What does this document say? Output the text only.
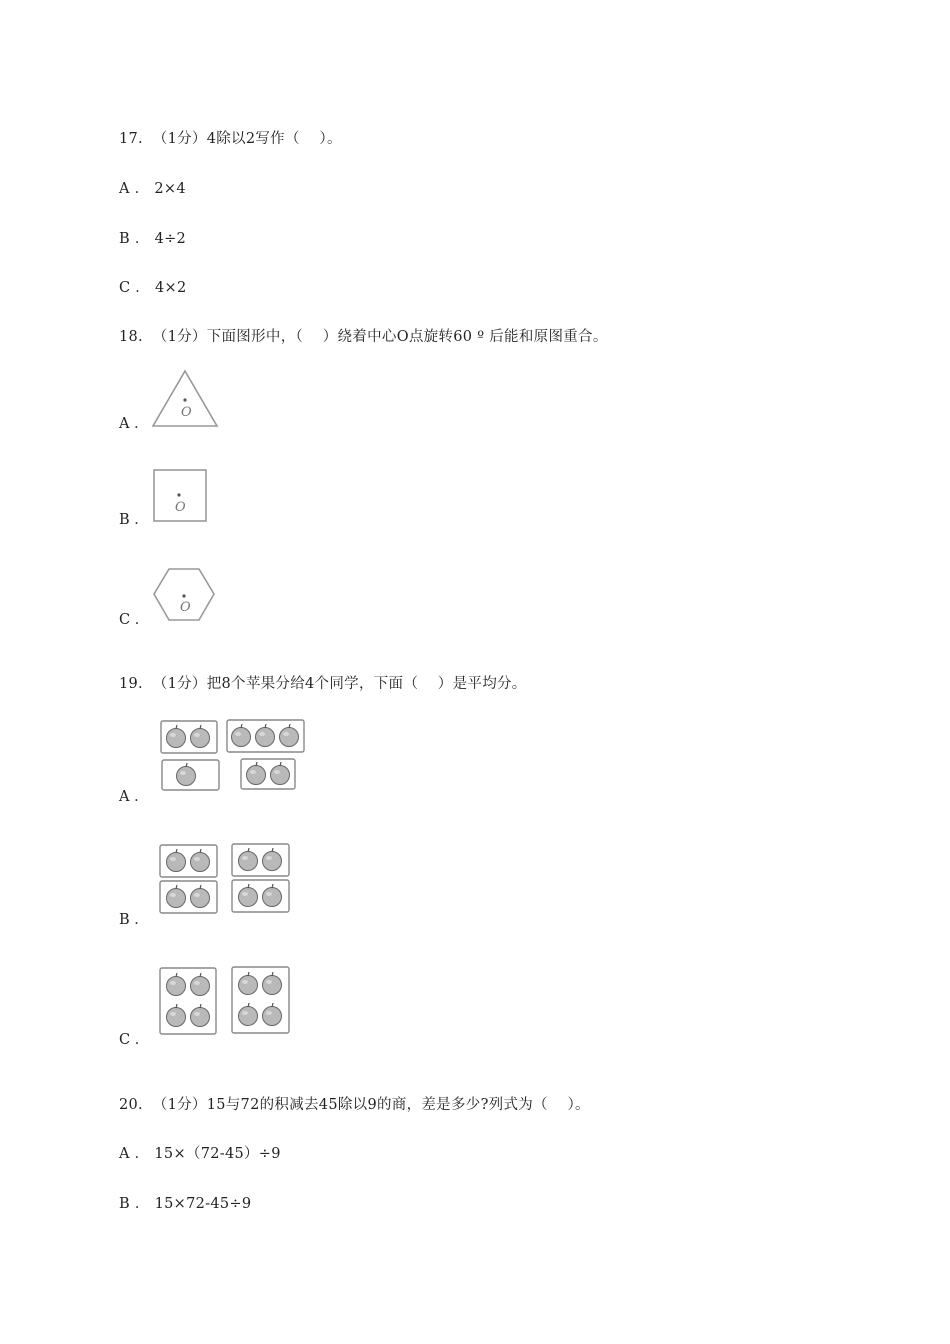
17.  （1分）4除以2写作（    ）。
A ． 2×4
B ． 4÷2
C ． 4×2
18.  （1分）下面图形中，（    ）绕着中心O点旋转60 º 后能和原图重合。
A ．
O
B ．
O
C ．
O
19.  （1分）把8个苹果分给4个同学，下面（    ）是平均分。
A ．
B ．
C ．
20.  （1分）15与72的积减去45除以9的商，差是多少?列式为（    ）。
A ． 15×（72-45）÷9
B ． 15×72-45÷9
